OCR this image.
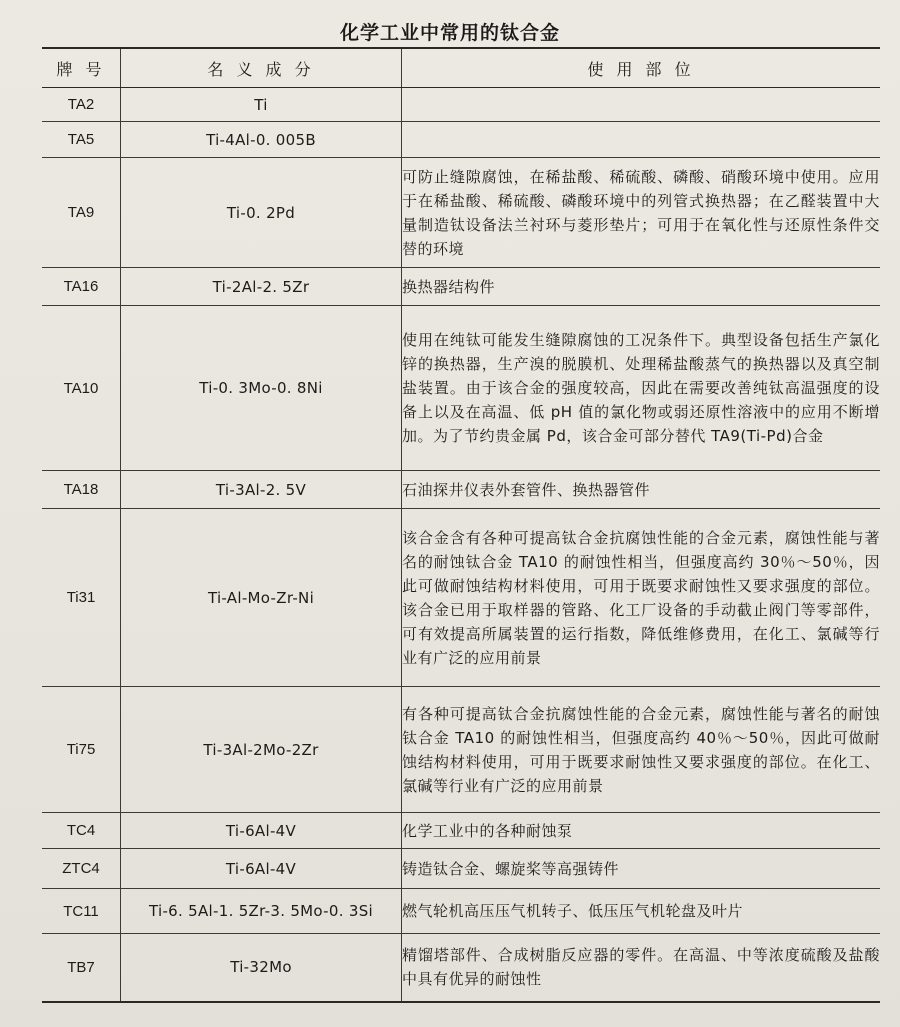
化学工业中常用的钛合金
牌 号	名 义 成 分	使 用 部 位
TA2	Ti	
TA5	Ti-4Al-0. 005B	
TA9	Ti-0. 2Pd	可防止缝隙腐蚀，在稀盐酸、稀硫酸、磷酸、硝酸环境中使用。应用于在稀盐酸、稀硫酸、磷酸环境中的列管式换热器；在乙醛装置中大量制造钛设备法兰衬环与菱形垫片；可用于在氧化性与还原性条件交替的环境
TA16	Ti-2Al-2. 5Zr	换热器结构件
TA10	Ti-0. 3Mo-0. 8Ni	使用在纯钛可能发生缝隙腐蚀的工况条件下。典型设备包括生产氯化锌的换热器，生产溴的脱膜机、处理稀盐酸蒸气的换热器以及真空制盐装置。由于该合金的强度较高，因此在需要改善纯钛高温强度的设备上以及在高温、低 pH 值的氯化物或弱还原性溶液中的应用不断增加。为了节约贵金属 Pd，该合金可部分替代 TA9(Ti-Pd)合金
TA18	Ti-3Al-2. 5V	石油探井仪表外套管件、换热器管件
Ti31	Ti-Al-Mo-Zr-Ni	该合金含有各种可提高钛合金抗腐蚀性能的合金元素，腐蚀性能与著名的耐蚀钛合金 TA10 的耐蚀性相当，但强度高约 30％～50％，因此可做耐蚀结构材料使用，可用于既要求耐蚀性又要求强度的部位。该合金已用于取样器的管路、化工厂设备的手动截止阀门等零部件，可有效提高所属装置的运行指数，降低维修费用，在化工、氯碱等行业有广泛的应用前景
Ti75	Ti-3Al-2Mo-2Zr	有各种可提高钛合金抗腐蚀性能的合金元素，腐蚀性能与著名的耐蚀钛合金 TA10 的耐蚀性相当，但强度高约 40％～50％，因此可做耐蚀结构材料使用，可用于既要求耐蚀性又要求强度的部位。在化工、氯碱等行业有广泛的应用前景
TC4	Ti-6Al-4V	化学工业中的各种耐蚀泵
ZTC4	Ti-6Al-4V	铸造钛合金、螺旋桨等高强铸件
TC11	Ti-6. 5Al-1. 5Zr-3. 5Mo-0. 3Si	燃气轮机高压压气机转子、低压压气机轮盘及叶片
TB7	Ti-32Mo	精馏塔部件、合成树脂反应器的零件。在高温、中等浓度硫酸及盐酸中具有优异的耐蚀性
